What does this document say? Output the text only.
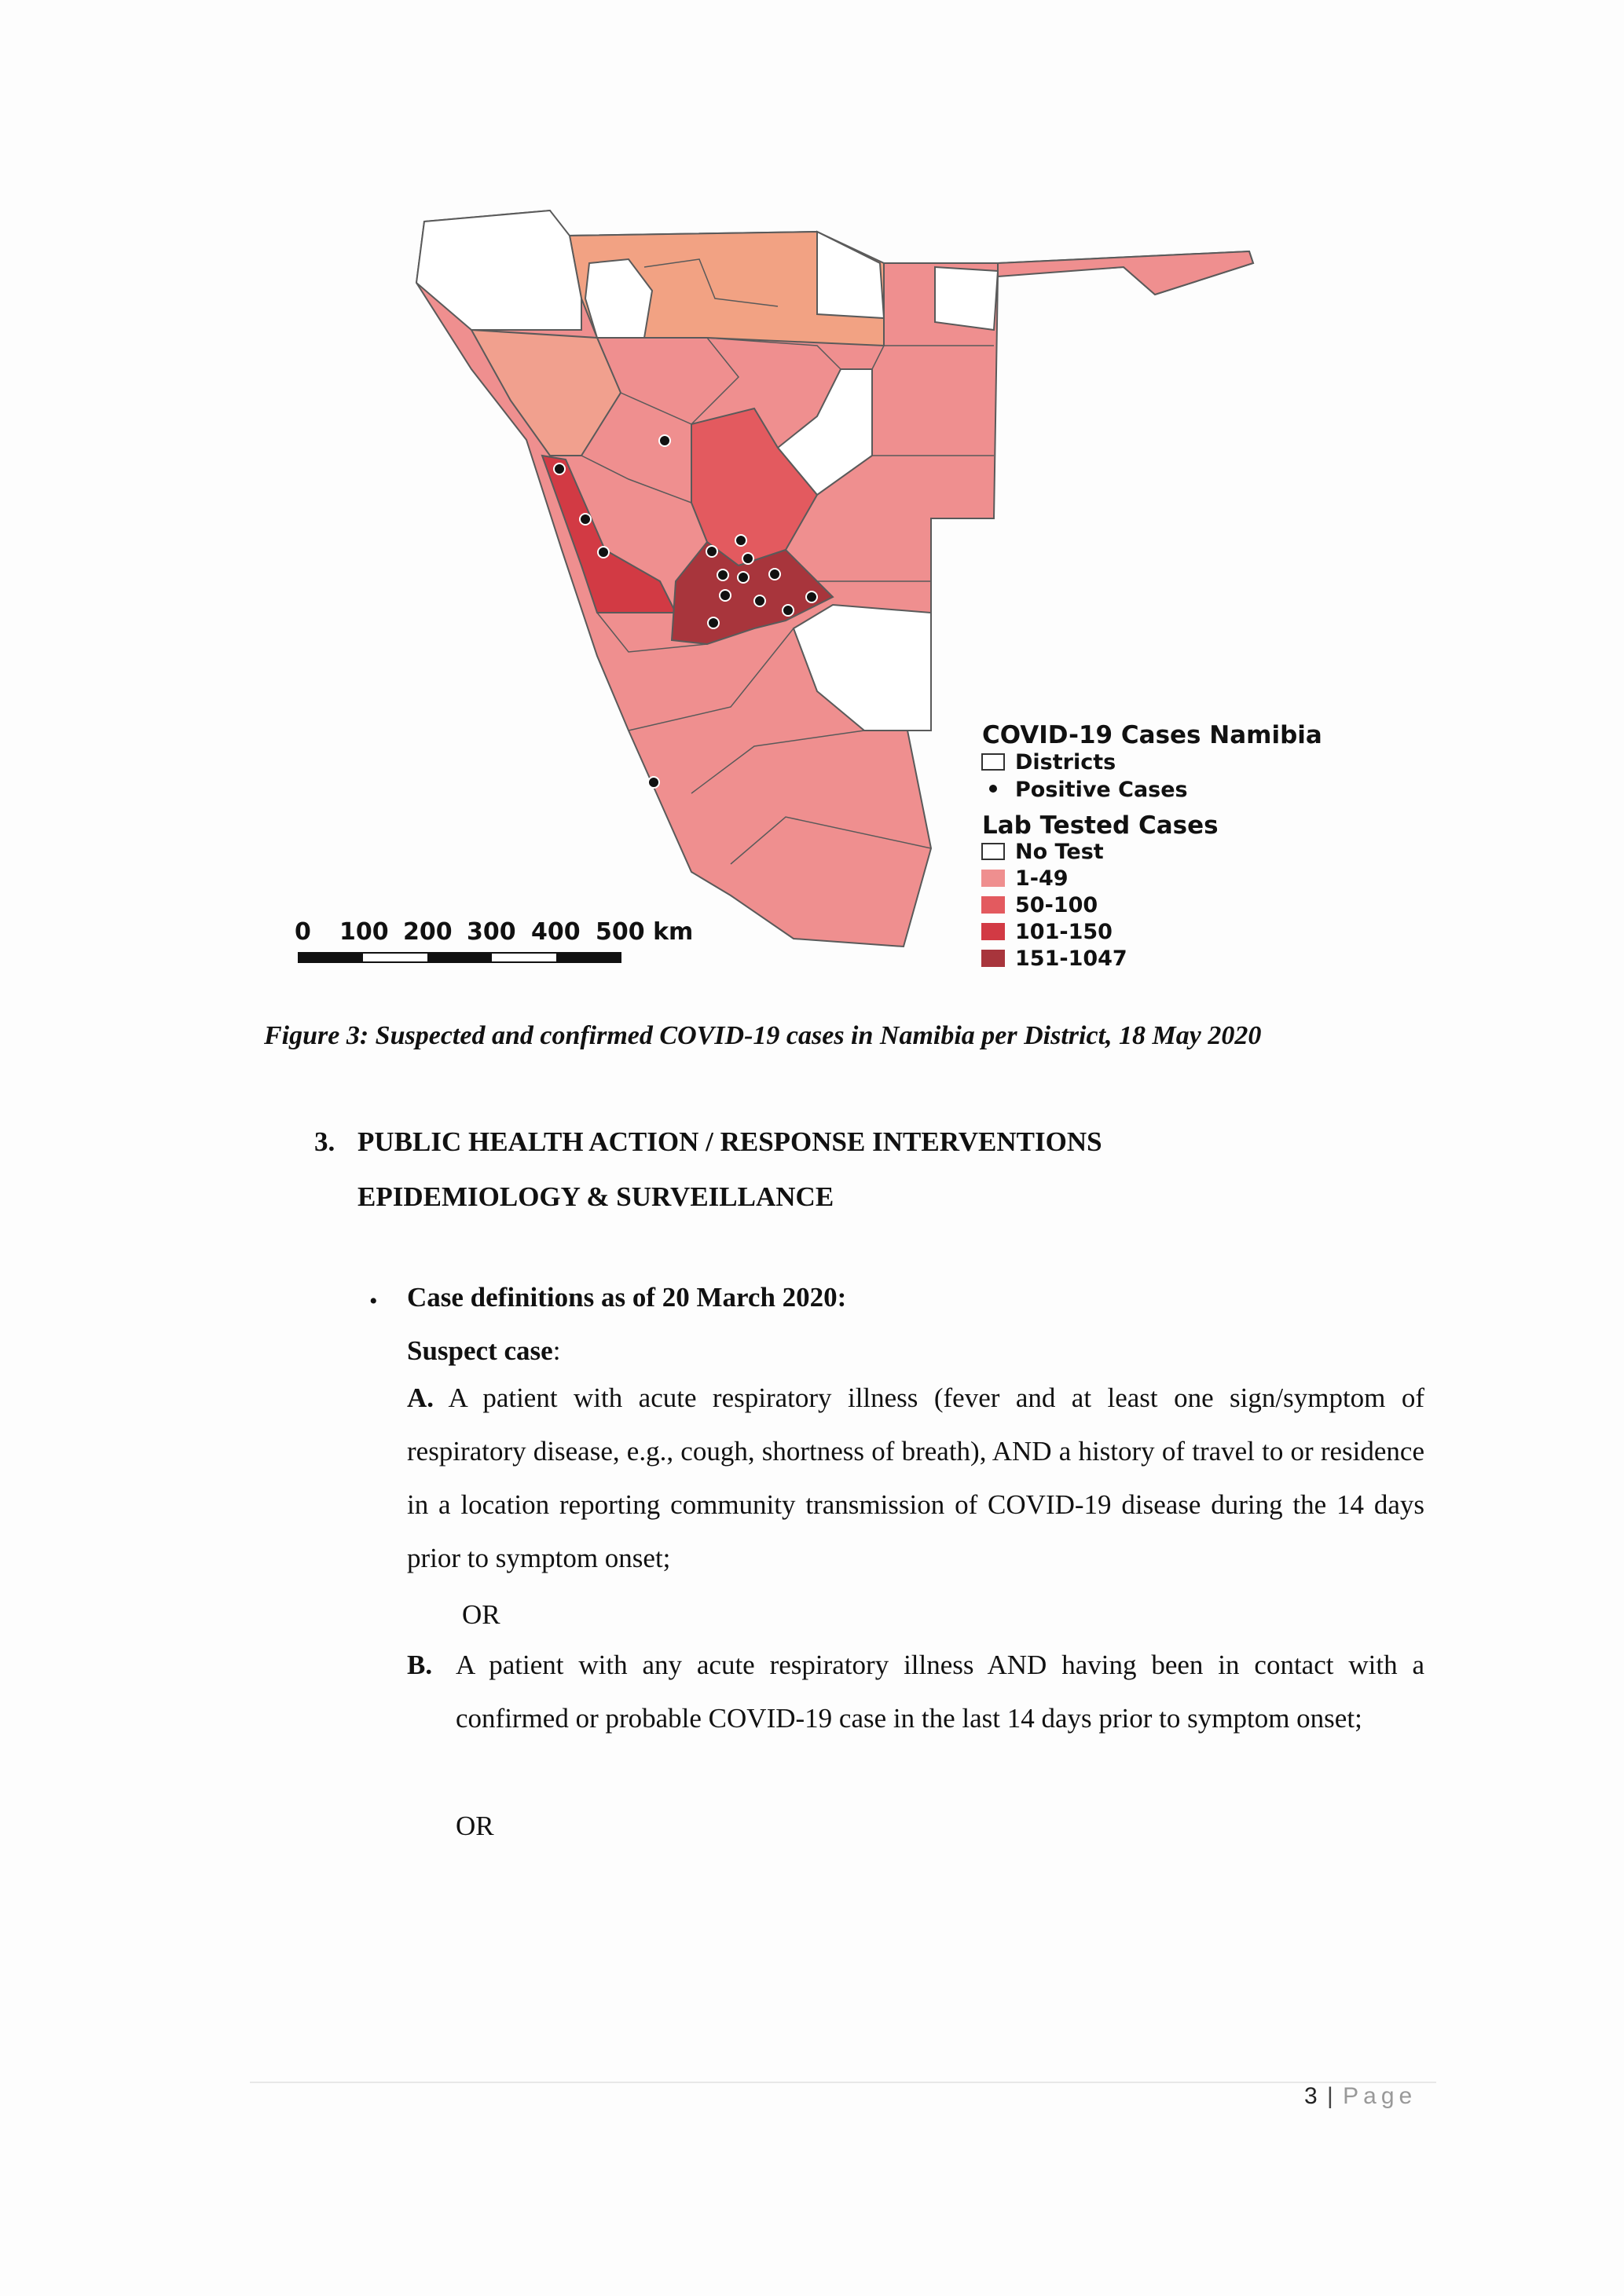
COVID-19 Cases Namibia
Districts
Positive Cases
Lab Tested Cases
No Test
1-49
50-100
101-150
151-1047
0 100 200 300 400 500 km
Figure 3: Suspected and confirmed COVID-19 cases in Namibia per District, 18 May 2020
3. PUBLIC HEALTH ACTION / RESPONSE INTERVENTIONS
EPIDEMIOLOGY & SURVEILLANCE
• Case definitions as of 20 March 2020:
Suspect case:
A. A patient with acute respiratory illness (fever and at least one sign/symptom of respiratory disease, e.g., cough, shortness of breath), AND a history of travel to or residence in a location reporting community transmission of COVID-19 disease during the 14 days prior to symptom onset;
OR
B. A patient with any acute respiratory illness AND having been in contact with a confirmed or probable COVID-19 case in the last 14 days prior to symptom onset;
OR
3 | Page
